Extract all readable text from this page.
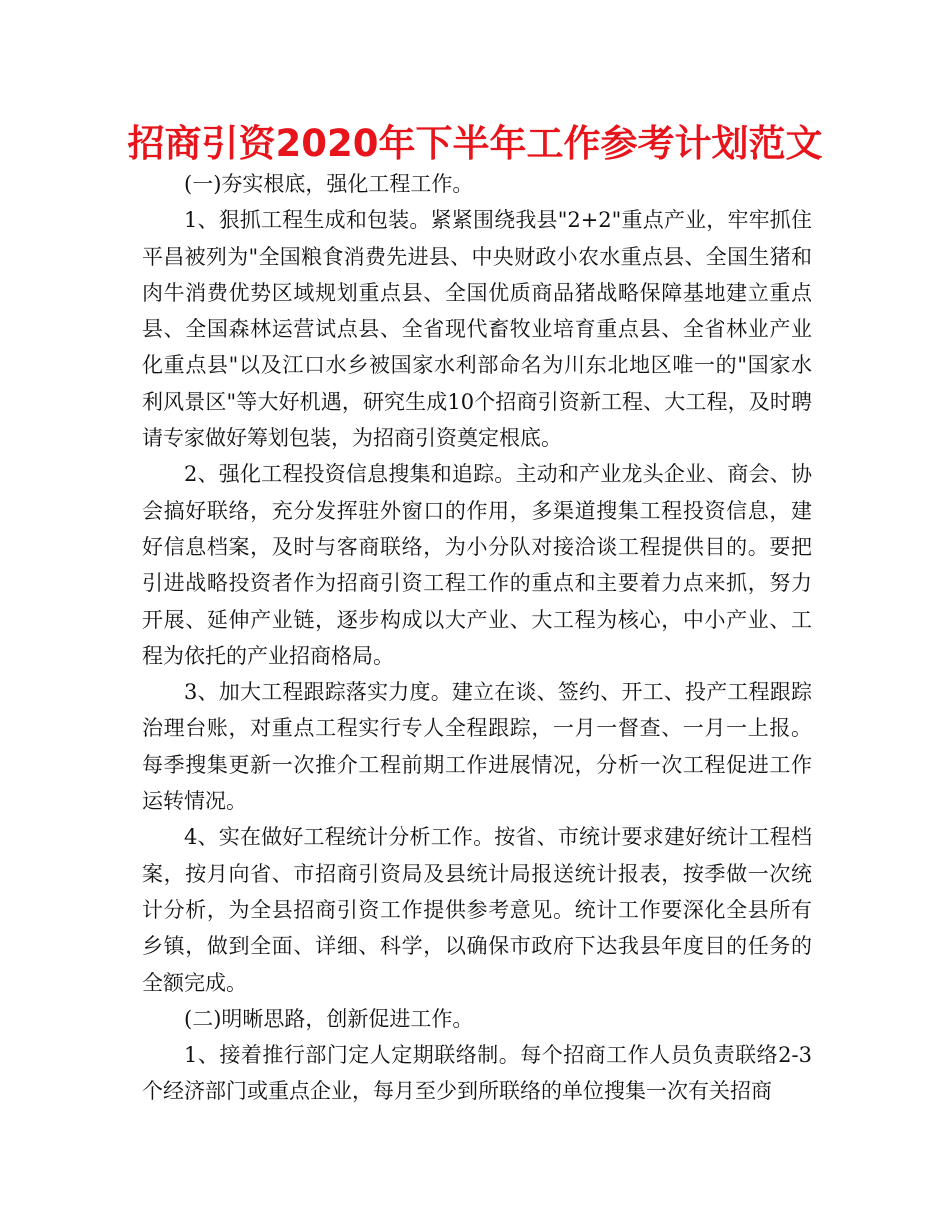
招商引资2020年下半年工作参考计划范文

(一)夯实根底，强化工程工作。

1、狠抓工程生成和包装。紧紧围绕我县"2+2"重点产业，牢牢抓住平昌被列为"全国粮食消费先进县、中央财政小农水重点县、全国生猪和肉牛消费优势区域规划重点县、全国优质商品猪战略保障基地建立重点县、全国森林运营试点县、全省现代畜牧业培育重点县、全省林业产业化重点县"以及江口水乡被国家水利部命名为川东北地区唯一的"国家水利风景区"等大好机遇，研究生成10个招商引资新工程、大工程，及时聘请专家做好筹划包装，为招商引资奠定根底。

2、强化工程投资信息搜集和追踪。主动和产业龙头企业、商会、协会搞好联络，充分发挥驻外窗口的作用，多渠道搜集工程投资信息，建好信息档案，及时与客商联络，为小分队对接洽谈工程提供目的。要把引进战略投资者作为招商引资工程工作的重点和主要着力点来抓，努力开展、延伸产业链，逐步构成以大产业、大工程为核心，中小产业、工程为依托的产业招商格局。

3、加大工程跟踪落实力度。建立在谈、签约、开工、投产工程跟踪治理台账，对重点工程实行专人全程跟踪，一月一督查、一月一上报。每季搜集更新一次推介工程前期工作进展情况，分析一次工程促进工作运转情况。

4、实在做好工程统计分析工作。按省、市统计要求建好统计工程档案，按月向省、市招商引资局及县统计局报送统计报表，按季做一次统计分析，为全县招商引资工作提供参考意见。统计工作要深化全县所有乡镇，做到全面、详细、科学，以确保市政府下达我县年度目的任务的全额完成。

(二)明晰思路，创新促进工作。

1、接着推行部门定人定期联络制。每个招商工作人员负责联络2-3个经济部门或重点企业，每月至少到所联络的单位搜集一次有关招商
